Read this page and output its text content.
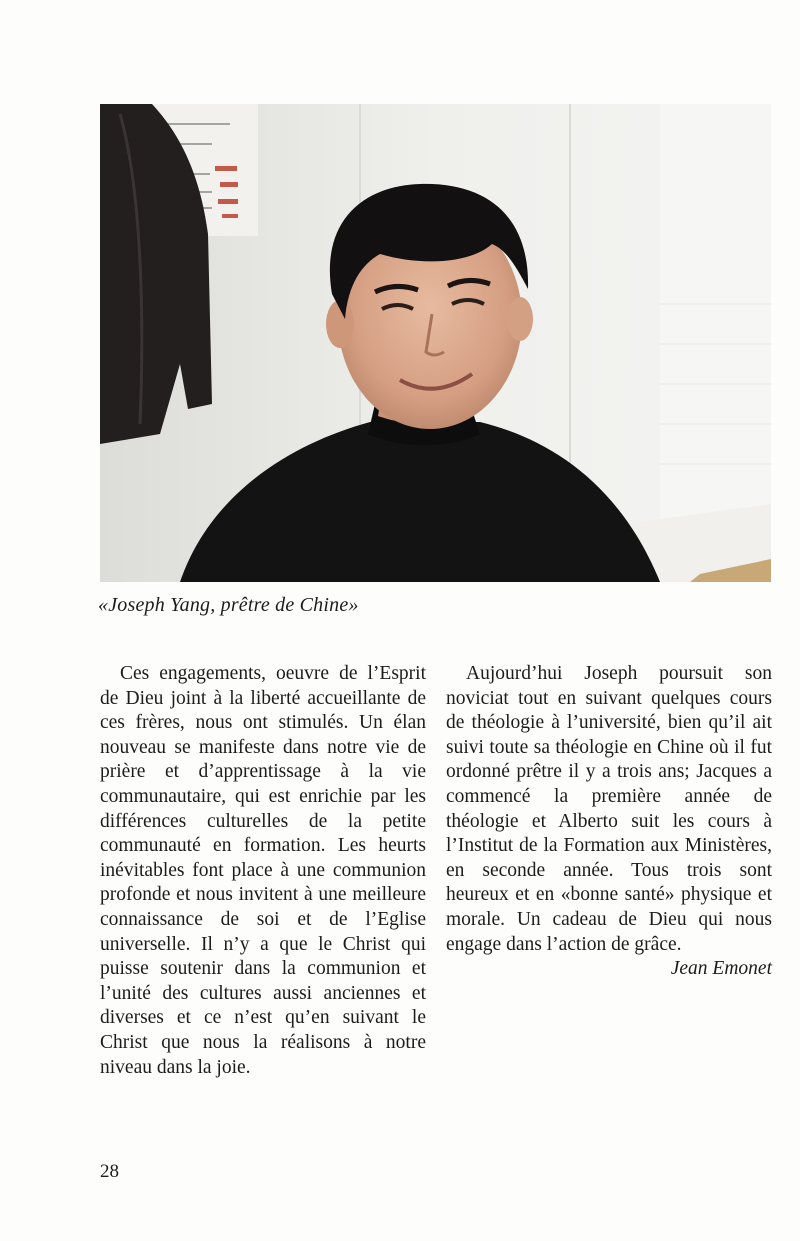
«Joseph Yang, prêtre de Chine»

Ces engagements, oeuvre de l’Esprit de Dieu joint à la liberté accueillante de ces frères, nous ont stimulés. Un élan nouveau se manifeste dans notre vie de prière et d’apprentissage à la vie communautaire, qui est enrichie par les différences culturelles de la petite communauté en formation. Les heurts inévitables font place à une communion profonde et nous invitent à une meilleure connaissance de soi et de l’Eglise universelle. Il n’y a que le Christ qui puisse soutenir dans la communion et l’unité des cultures aussi anciennes et diverses et ce n’est qu’en suivant le Christ que nous la réalisons à notre niveau dans la joie.

Aujourd’hui Joseph poursuit son noviciat tout en suivant quelques cours de théologie à l’université, bien qu’il ait suivi toute sa théologie en Chine où il fut ordonné prêtre il y a trois ans; Jacques a commencé la première année de théologie et Alberto suit les cours à l’Institut de la Formation aux Ministères, en seconde année. Tous trois sont heureux et en «bonne santé» physique et morale. Un cadeau de Dieu qui nous engage dans l’action de grâce.

Jean Emonet

28
